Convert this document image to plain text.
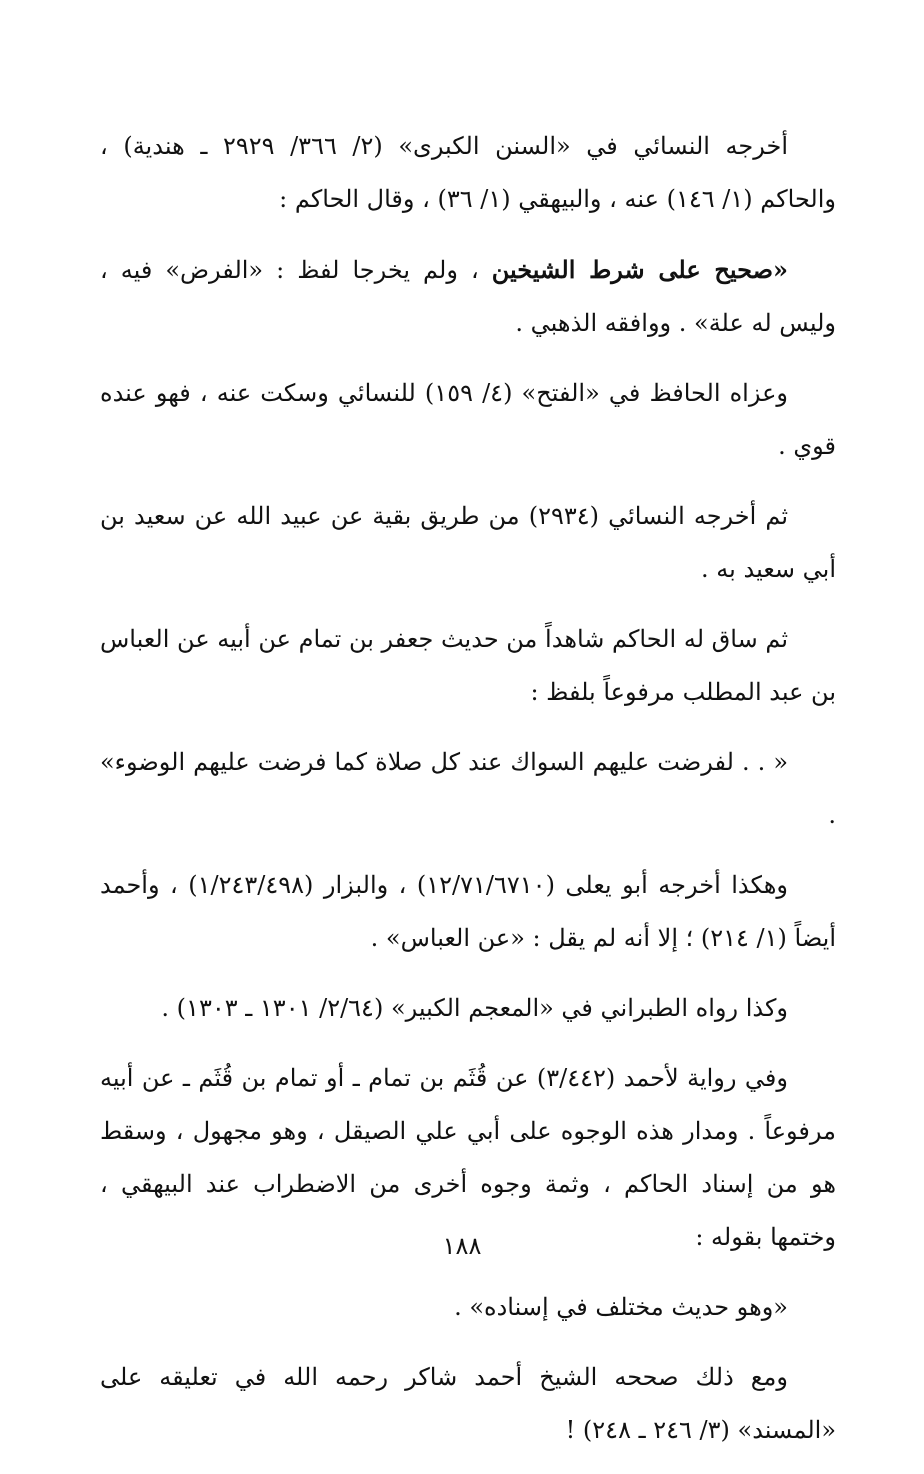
أخرجه النسائي في «السنن الكبرى» (٢/ ٣٦٦/ ٢٩٢٩ ـ هندية) ، والحاكم (١/ ١٤٦) عنه ، والبيهقي (١/ ٣٦) ، وقال الحاكم :

«صحيح على شرط الشيخين ، ولم يخرجا لفظ : «الفرض» فيه ، وليس له علة» . ووافقه الذهبي .

وعزاه الحافظ في «الفتح» (٤/ ١٥٩) للنسائي وسكت عنه ، فهو عنده قوي .

ثم أخرجه النسائي (٢٩٣٤) من طريق بقية عن عبيد الله عن سعيد بن أبي سعيد به .

ثم ساق له الحاكم شاهداً من حديث جعفر بن تمام عن أبيه عن العباس بن عبد المطلب مرفوعاً بلفظ :

« . . لفرضت عليهم السواك عند كل صلاة كما فرضت عليهم الوضوء» .

وهكذا أخرجه أبو يعلى (١٢/٧١/٦٧١٠) ، والبزار (١/٢٤٣/٤٩٨) ، وأحمد أيضاً (١/ ٢١٤) ؛ إلا أنه لم يقل : «عن العباس» .

وكذا رواه الطبراني في «المعجم الكبير» (٢/٦٤/ ١٣٠١ ـ ١٣٠٣) .

وفي رواية لأحمد (٣/٤٤٢) عن قُثَم بن تمام ـ أو تمام بن قُثَم ـ عن أبيه مرفوعاً . ومدار هذه الوجوه على أبي علي الصيقل ، وهو مجهول ، وسقط هو من إسناد الحاكم ، وثمة وجوه أخرى من الاضطراب عند البيهقي ، وختمها بقوله :

«وهو حديث مختلف في إسناده» .

ومع ذلك صححه الشيخ أحمد شاكر رحمه الله في تعليقه على «المسند» (٣/ ٢٤٦ ـ ٢٤٨) !

١٨٨
